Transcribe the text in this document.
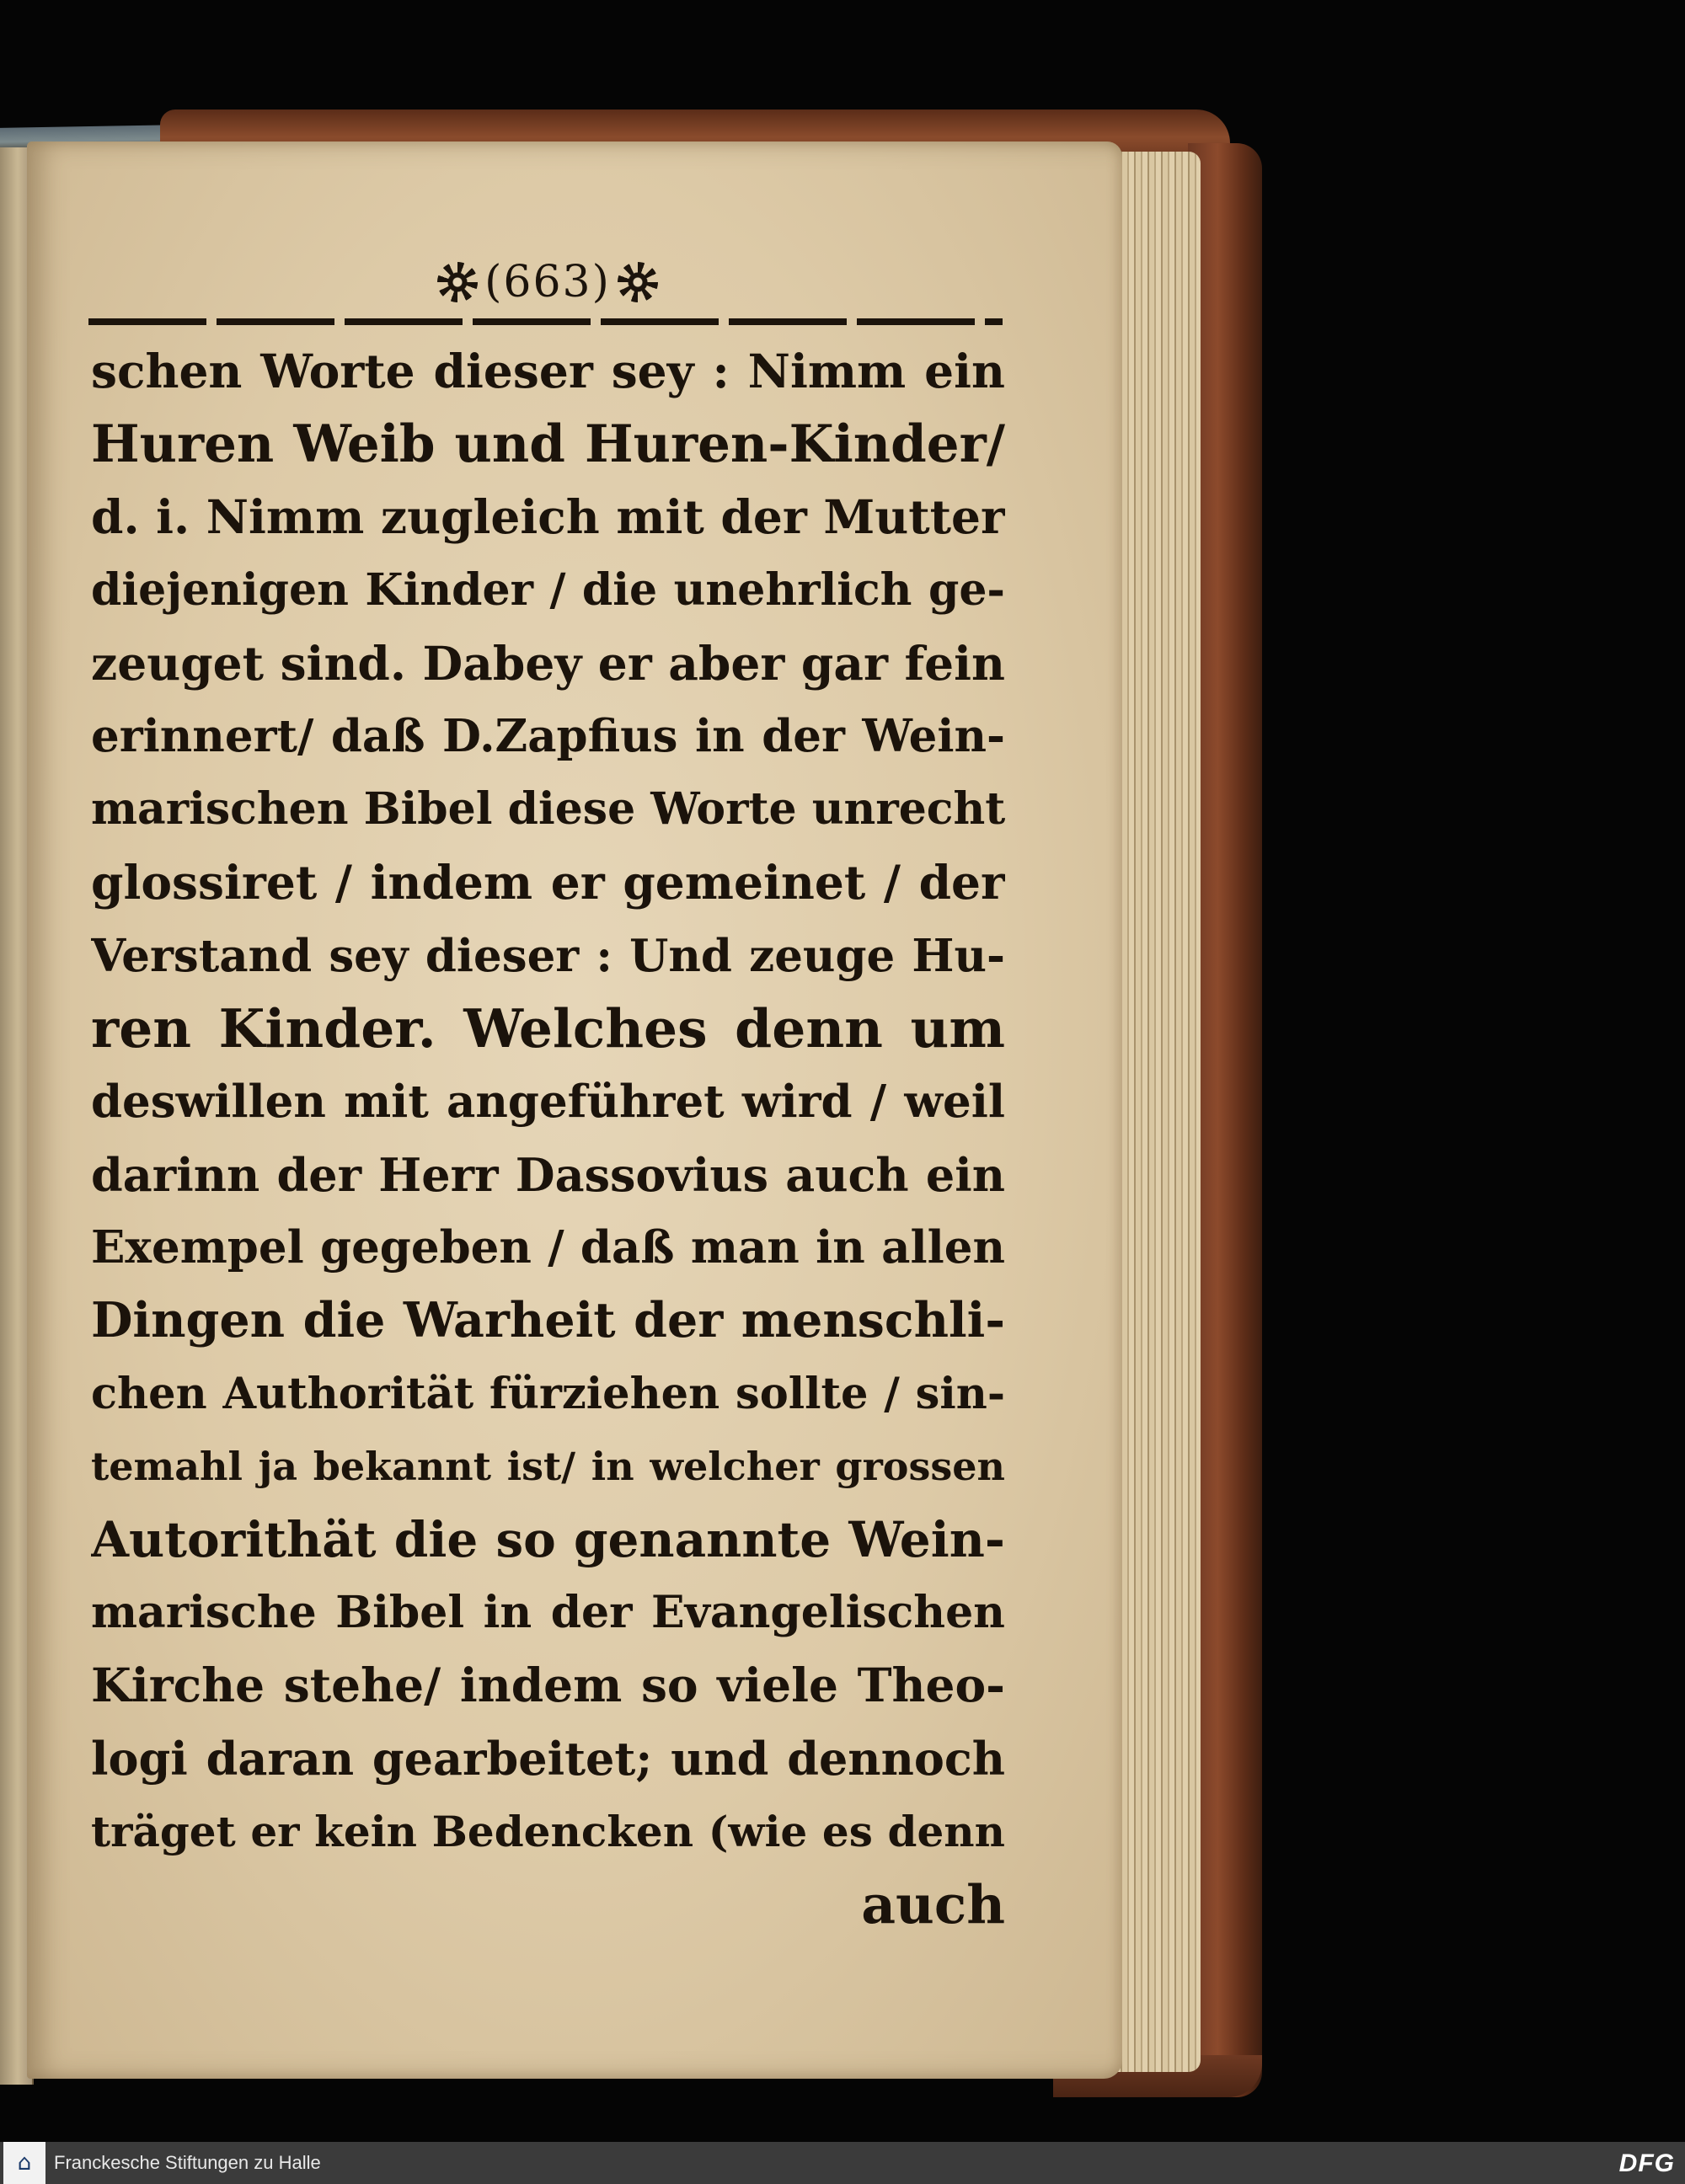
(663)
schen Worte dieser sey : Nimm ein
Huren Weib und Huren-Kinder/
d. i. Nimm zugleich mit der Mutter
diejenigen Kinder / die unehrlich ge-
zeuget sind. Dabey er aber gar fein
erinnert/ daß D.Zapfius in der Wein-
marischen Bibel diese Worte unrecht
glossiret / indem er gemeinet / der
Verstand sey dieser : Und zeuge Hu-
ren Kinder. Welches denn um
deswillen mit angeführet wird / weil
darinn der Herr Dassovius auch ein
Exempel gegeben / daß man in allen
Dingen die Warheit der menschli-
chen Authorität fürziehen sollte / sin-
temahl ja bekannt ist/ in welcher grossen
Autorithät die so genannte Wein-
marische Bibel in der Evangelischen
Kirche stehe/ indem so viele Theo-
logi daran gearbeitet; und dennoch
träget er kein Bedencken (wie es denn
auch
⌂ Franckesche Stiftungen zu Halle	DFG
